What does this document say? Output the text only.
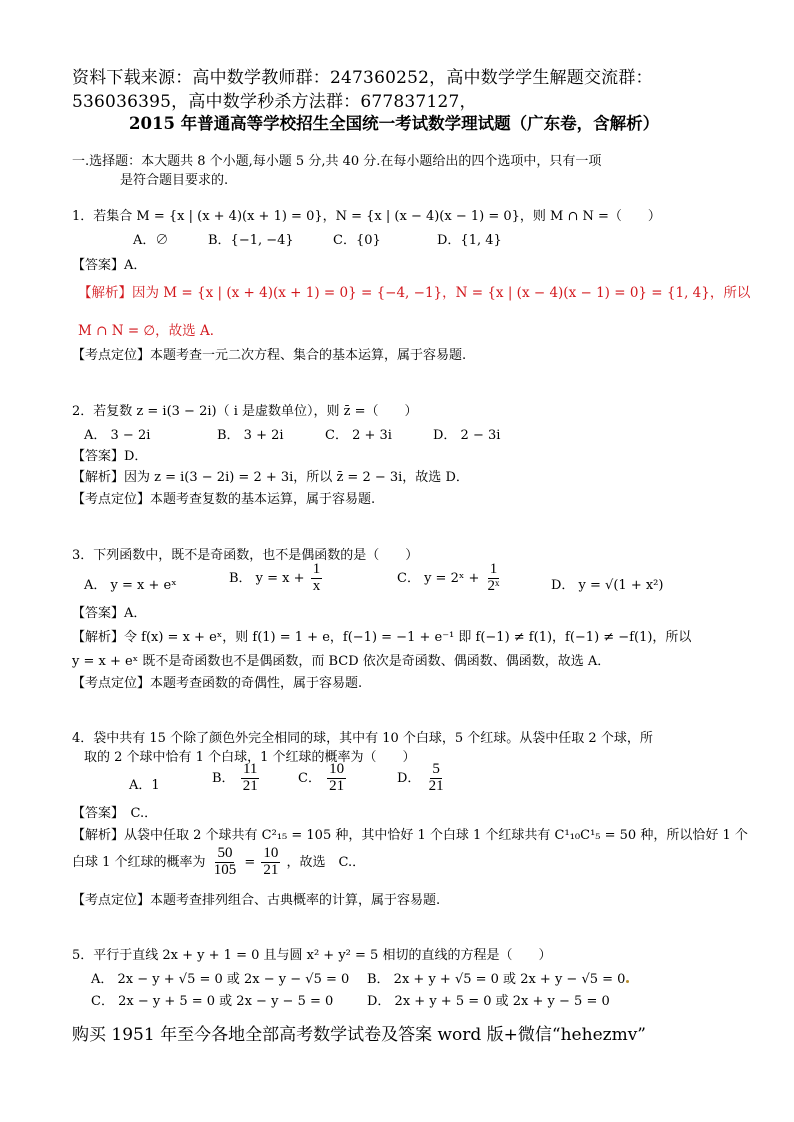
资料下载来源：高中数学教师群：247360252，高中数学学生解题交流群：
536036395，高中数学秒杀方法群：677837127，
2015 年普通高等学校招生全国统一考试数学理试题（广东卷，含解析）
一.选择题：本大题共 8 个小题,每小题 5 分,共 40 分.在每小题给出的四个选项中，只有一项
是符合题目要求的.
1．若集合 M = {x | (x + 4)(x + 1) = 0}，N = {x | (x − 4)(x − 1) = 0}，则 M ∩ N =（　　）
A．∅	B．{−1, −4}	C．{0}	D．{1, 4}
【答案】A．
【解析】因为 M = {x | (x + 4)(x + 1) = 0} = {−4, −1}，N = {x | (x − 4)(x − 1) = 0} = {1, 4}，所以
M ∩ N = ∅，故选 A．
【考点定位】本题考查一元二次方程、集合的基本运算，属于容易题.
2．若复数 z = i(3 − 2i)（ i 是虚数单位），则 z̄ =（　　）
A． 3 − 2i	B． 3 + 2i	C． 2 + 3i	D． 2 − 3i
【答案】D．
【解析】因为 z = i(3 − 2i) = 2 + 3i，所以 z̄ = 2 − 3i，故选 D．
【考点定位】本题考查复数的基本运算，属于容易题.
3．下列函数中，既不是奇函数，也不是偶函数的是（　　）
A． y = x + eˣ	B． $y = x + \frac{1}{x}$	C． y = 2ˣ + $\frac{1}{\text{2ˣ}}$	D． y = √(1 + x²)
【答案】A．
【解析】令 f(x) = x + eˣ，则 f(1) = 1 + e，f(−1) = −1 + e⁻¹ 即 f(−1) ≠ f(1)，f(−1) ≠ −f(1)，所以
y = x + eˣ 既不是奇函数也不是偶函数，而 BCD 依次是奇函数、偶函数、偶函数，故选 A．
【考点定位】本题考查函数的奇偶性，属于容易题.
4．袋中共有 15 个除了颜色外完全相同的球，其中有 10 个白球，5 个红球。从袋中任取 2 个球，所
取的 2 个球中恰有 1 个白球，1 个红球的概率为（　　）
A．1	B． $\frac{11}{21}$	C． $\frac{10}{21}$	D． $\frac{5}{21}$
【答案】　C.．
【解析】从袋中任取 2 个球共有 C²₁₅ = 105 种，其中恰好 1 个白球 1 个红球共有 C¹₁₀C¹₅ = 50 种，所以恰好 1 个
白球 1 个红球的概率为 $\frac{50}{105} = \frac{10}{21}$ ，故选　C.．
【考点定位】本题考查排列组合、古典概率的计算，属于容易题.
5．平行于直线 2x + y + 1 = 0 且与圆 x² + y² = 5 相切的直线的方程是（　　）
A． 2x − y + √5 = 0 或 2x − y − √5 = 0 B． 2x + y + √5 = 0 或 2x + y − √5 = 0
C． 2x − y + 5 = 0 或 2x − y − 5 = 0	D． 2x + y + 5 = 0 或 2x + y − 5 = 0
购买 1951 年至今各地全部高考数学试卷及答案 word 版+微信“hehezmv”
